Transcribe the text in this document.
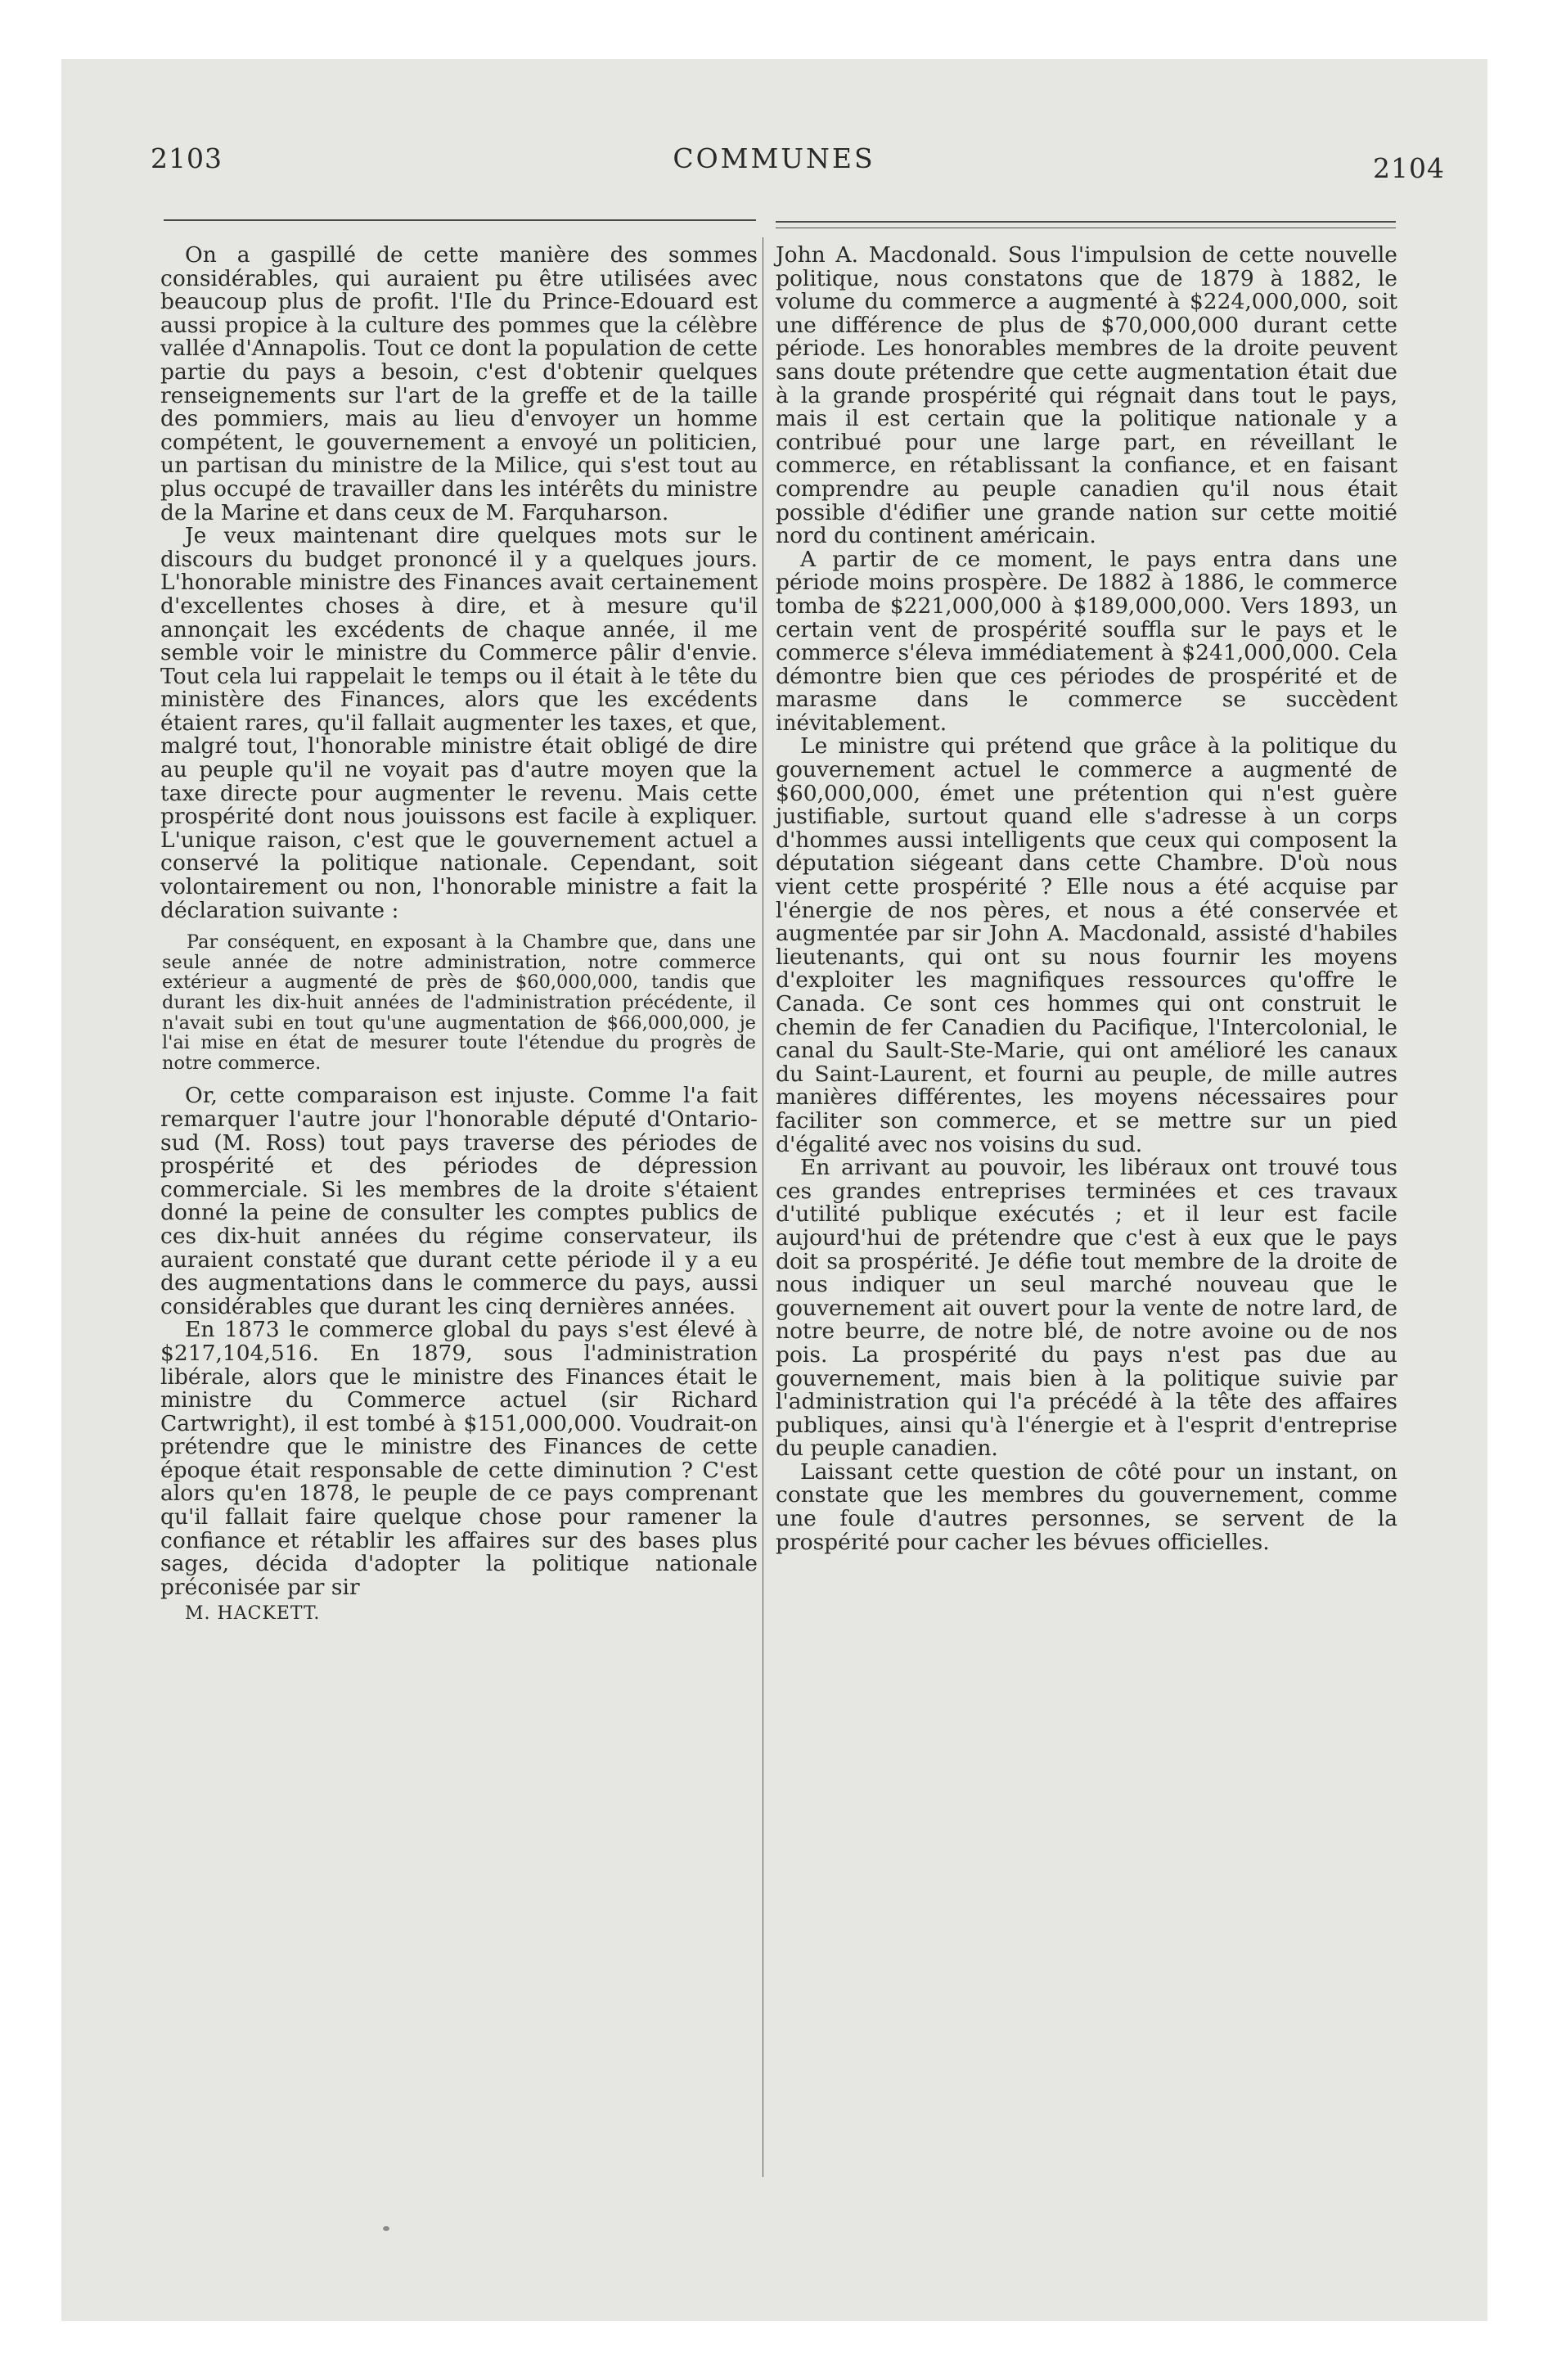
2103	COMMUNES	2104

On a gaspillé de cette manière des sommes considérables, qui auraient pu être utilisées avec beaucoup plus de profit. l'Ile du Prince-Edouard est aussi propice à la culture des pommes que la célèbre vallée d'Annapolis. Tout ce dont la population de cette partie du pays a besoin, c'est d'obtenir quelques renseignements sur l'art de la greffe et de la taille des pommiers, mais au lieu d'envoyer un homme compétent, le gouvernement a envoyé un politicien, un partisan du ministre de la Milice, qui s'est tout au plus occupé de travailler dans les intérêts du ministre de la Marine et dans ceux de M. Farquharson.

Je veux maintenant dire quelques mots sur le discours du budget prononcé il y a quelques jours. L'honorable ministre des Finances avait certainement d'excellentes choses à dire, et à mesure qu'il annonçait les excédents de chaque année, il me semble voir le ministre du Commerce pâlir d'envie. Tout cela lui rappelait le temps ou il était à le tête du ministère des Finances, alors que les excédents étaient rares, qu'il fallait augmenter les taxes, et que, malgré tout, l'honorable ministre était obligé de dire au peuple qu'il ne voyait pas d'autre moyen que la taxe directe pour augmenter le revenu. Mais cette prospérité dont nous jouissons est facile à expliquer. L'unique raison, c'est que le gouvernement actuel a conservé la politique nationale. Cependant, soit volontairement ou non, l'honorable ministre a fait la déclaration suivante :

Par conséquent, en exposant à la Chambre que, dans une seule année de notre administration, notre commerce extérieur a augmenté de près de $60,000,000, tandis que durant les dix-huit années de l'administration précédente, il n'avait subi en tout qu'une augmentation de $66,000,000, je l'ai mise en état de mesurer toute l'étendue du progrès de notre commerce.

Or, cette comparaison est injuste. Comme l'a fait remarquer l'autre jour l'honorable député d'Ontario-sud (M. Ross) tout pays traverse des périodes de prospérité et des périodes de dépression commerciale. Si les membres de la droite s'étaient donné la peine de consulter les comptes publics de ces dix-huit années du régime conservateur, ils auraient constaté que durant cette période il y a eu des augmentations dans le commerce du pays, aussi considérables que durant les cinq dernières années.

En 1873 le commerce global du pays s'est élevé à $217,104,516. En 1879, sous l'administration libérale, alors que le ministre des Finances était le ministre du Commerce actuel (sir Richard Cartwright), il est tombé à $151,000,000. Voudrait-on prétendre que le ministre des Finances de cette époque était responsable de cette diminution ? C'est alors qu'en 1878, le peuple de ce pays comprenant qu'il fallait faire quelque chose pour ramener la confiance et rétablir les affaires sur des bases plus sages, décida d'adopter la politique nationale préconisée par sir

M. HACKETT.

John A. Macdonald. Sous l'impulsion de cette nouvelle politique, nous constatons que de 1879 à 1882, le volume du commerce a augmenté à $224,000,000, soit une différence de plus de $70,000,000 durant cette période. Les honorables membres de la droite peuvent sans doute prétendre que cette augmentation était due à la grande prospérité qui régnait dans tout le pays, mais il est certain que la politique nationale y a contribué pour une large part, en réveillant le commerce, en rétablissant la confiance, et en faisant comprendre au peuple canadien qu'il nous était possible d'édifier une grande nation sur cette moitié nord du continent américain.

A partir de ce moment, le pays entra dans une période moins prospère. De 1882 à 1886, le commerce tomba de $221,000,000 à $189,000,000. Vers 1893, un certain vent de prospérité souffla sur le pays et le commerce s'éleva immédiatement à $241,000,000. Cela démontre bien que ces périodes de prospérité et de marasme dans le commerce se succèdent inévitablement.

Le ministre qui prétend que grâce à la politique du gouvernement actuel le commerce a augmenté de $60,000,000, émet une prétention qui n'est guère justifiable, surtout quand elle s'adresse à un corps d'hommes aussi intelligents que ceux qui composent la députation siégeant dans cette Chambre. D'où nous vient cette prospérité ? Elle nous a été acquise par l'énergie de nos pères, et nous a été conservée et augmentée par sir John A. Macdonald, assisté d'habiles lieutenants, qui ont su nous fournir les moyens d'exploiter les magnifiques ressources qu'offre le Canada. Ce sont ces hommes qui ont construit le chemin de fer Canadien du Pacifique, l'Intercolonial, le canal du Sault-Ste-Marie, qui ont amélioré les canaux du Saint-Laurent, et fourni au peuple, de mille autres manières différentes, les moyens nécessaires pour faciliter son commerce, et se mettre sur un pied d'égalité avec nos voisins du sud.

En arrivant au pouvoir, les libéraux ont trouvé tous ces grandes entreprises terminées et ces travaux d'utilité publique exécutés ; et il leur est facile aujourd'hui de prétendre que c'est à eux que le pays doit sa prospérité. Je défie tout membre de la droite de nous indiquer un seul marché nouveau que le gouvernement ait ouvert pour la vente de notre lard, de notre beurre, de notre blé, de notre avoine ou de nos pois. La prospérité du pays n'est pas due au gouvernement, mais bien à la politique suivie par l'administration qui l'a précédé à la tête des affaires publiques, ainsi qu'à l'énergie et à l'esprit d'entreprise du peuple canadien.

Laissant cette question de côté pour un instant, on constate que les membres du gouvernement, comme une foule d'autres personnes, se servent de la prospérité pour cacher les bévues officielles.
